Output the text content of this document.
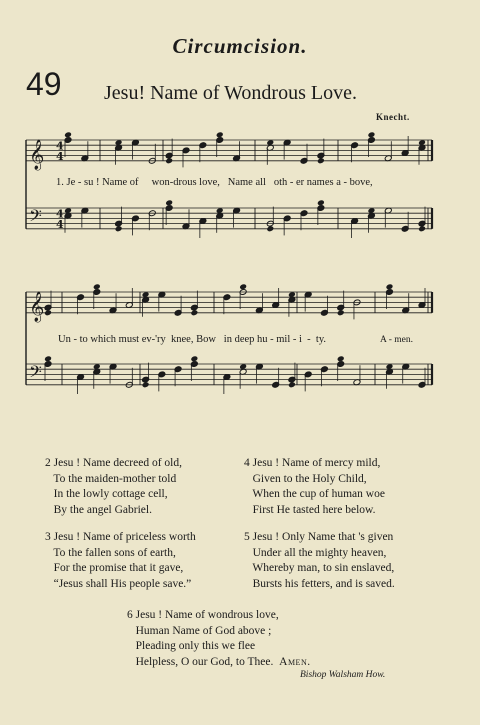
𝄞 4
4
𝄢 4
4
𝄞
𝄢
Circumcision.
49 Jesu! Name of Wondrous Love.
Knecht.
1. Je - su ! Name of     won-drous love,   Name all   oth - er names a - bove,
Un - to which must ev-'ry  knee, Bow   in deep hu - mil - i  -  ty.	A - men.
2 Jesu ! Name decreed of old,
To the maiden-mother told
In the lowly cottage cell,
By the angel Gabriel.
3 Jesu ! Name of priceless worth
To the fallen sons of earth,
For the promise that it gave,
“Jesus shall His people save.”
4 Jesu ! Name of mercy mild,
Given to the Holy Child,
When the cup of human woe
First He tasted here below.
5 Jesu ! Only Name that 's given
Under all the mighty heaven,
Whereby man, to sin enslaved,
Bursts his fetters, and is saved.
6 Jesu ! Name of wondrous love,
Human Name of God above ;
Pleading only this we flee
Helpless, O our God, to Thee. Amen.
Bishop Walsham How.
